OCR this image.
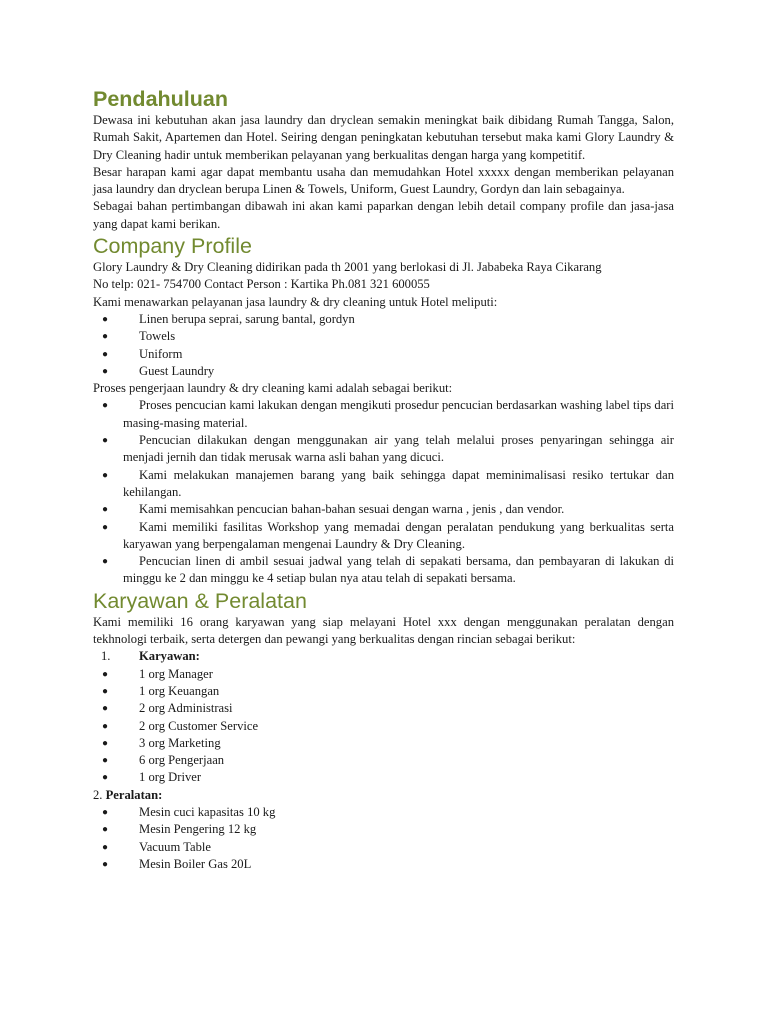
Pendahuluan

Dewasa ini kebutuhan akan jasa laundry dan dryclean semakin meningkat baik dibidang Rumah Tangga, Salon, Rumah Sakit, Apartemen dan Hotel. Seiring dengan peningkatan kebutuhan tersebut maka kami Glory Laundry & Dry Cleaning hadir untuk memberikan pelayanan yang berkualitas dengan harga yang kompetitif.

Besar harapan kami agar dapat membantu usaha dan memudahkan Hotel xxxxx dengan memberikan pelayanan jasa laundry dan dryclean berupa Linen & Towels, Uniform, Guest Laundry, Gordyn dan lain sebagainya.

Sebagai bahan pertimbangan dibawah ini akan kami paparkan dengan lebih detail company profile dan jasa-jasa yang dapat kami berikan.

Company Profile

Glory Laundry & Dry Cleaning didirikan pada th 2001 yang berlokasi di Jl. Jababeka Raya Cikarang

No telp: 021- 754700 Contact Person : Kartika Ph.081 321 600055

Kami menawarkan pelayanan jasa laundry & dry cleaning untuk Hotel meliputi:

● Linen berupa seprai, sarung bantal, gordyn
● Towels
● Uniform
● Guest Laundry

Proses pengerjaan laundry & dry cleaning kami adalah sebagai berikut:

●	Proses pencucian kami lakukan dengan mengikuti prosedur pencucian berdasarkan washing label tips dari masing-masing material.

●	Pencucian dilakukan dengan menggunakan air yang telah melalui proses penyaringan sehingga air menjadi jernih dan tidak merusak warna asli bahan yang dicuci.

●	Kami melakukan manajemen barang yang baik sehingga dapat meminimalisasi resiko tertukar dan kehilangan.

●	Kami memisahkan pencucian bahan-bahan sesuai dengan warna , jenis , dan vendor.

●	Kami memiliki fasilitas Workshop yang memadai dengan peralatan pendukung yang berkualitas serta karyawan yang berpengalaman mengenai Laundry & Dry Cleaning.

●	Pencucian linen di ambil sesuai jadwal yang telah di sepakati bersama, dan pembayaran di lakukan di minggu ke 2 dan minggu ke 4 setiap bulan nya atau telah di sepakati bersama.

Karyawan & Peralatan

Kami memiliki 16 orang karyawan yang siap melayani Hotel xxx dengan menggunakan peralatan dengan tekhnologi terbaik, serta detergen dan pewangi yang berkualitas dengan rincian sebagai berikut:

1. Karyawan:
● 1 org Manager
● 1 org Keuangan
● 2 org Administrasi
● 2 org Customer Service
● 3 org Marketing
● 6 org Pengerjaan
● 1 org Driver
2. Peralatan:
● Mesin cuci kapasitas 10 kg
● Mesin Pengering 12 kg
● Vacuum Table
● Mesin Boiler Gas 20L
